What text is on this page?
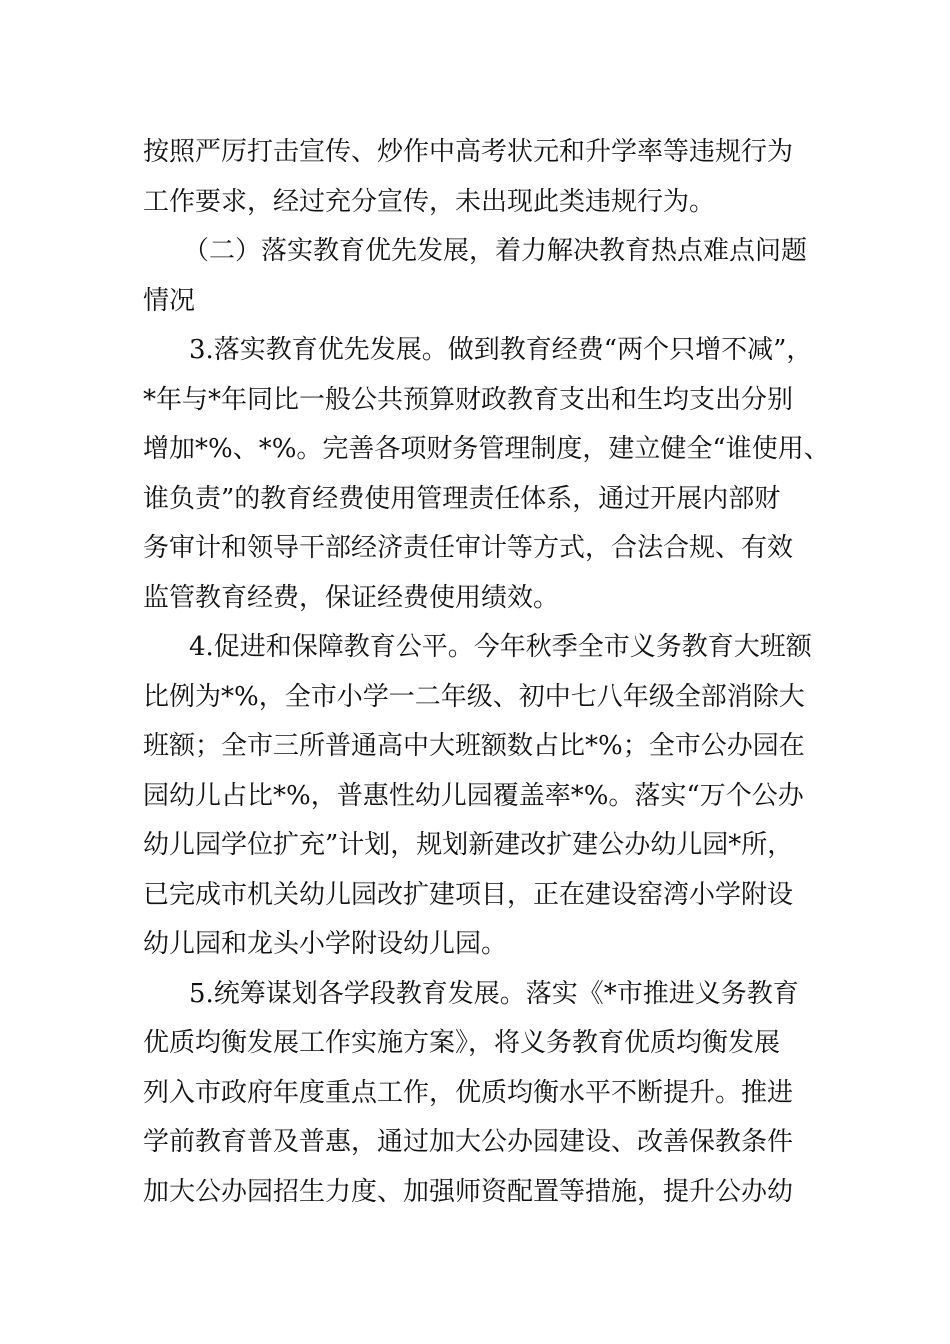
按照严厉打击宣传、炒作中高考状元和升学率等违规行为
工作要求，经过充分宣传，未出现此类违规行为。
（二）落实教育优先发展，着力解决教育热点难点问题
情况
3.落实教育优先发展。做到教育经费“两个只增不减”，
*年与*年同比一般公共预算财政教育支出和生均支出分别
增加*%、*%。完善各项财务管理制度，建立健全“谁使用、
谁负责”的教育经费使用管理责任体系，通过开展内部财
务审计和领导干部经济责任审计等方式，合法合规、有效
监管教育经费，保证经费使用绩效。
4.促进和保障教育公平。今年秋季全市义务教育大班额
比例为*%，全市小学一二年级、初中七八年级全部消除大
班额；全市三所普通高中大班额数占比*%；全市公办园在
园幼儿占比*%，普惠性幼儿园覆盖率*%。落实“万个公办
幼儿园学位扩充”计划，规划新建改扩建公办幼儿园*所，
已完成市机关幼儿园改扩建项目，正在建设窑湾小学附设
幼儿园和龙头小学附设幼儿园。
5.统筹谋划各学段教育发展。落实《*市推进义务教育
优质均衡发展工作实施方案》，将义务教育优质均衡发展
列入市政府年度重点工作，优质均衡水平不断提升。推进
学前教育普及普惠，通过加大公办园建设、改善保教条件
加大公办园招生力度、加强师资配置等措施，提升公办幼
